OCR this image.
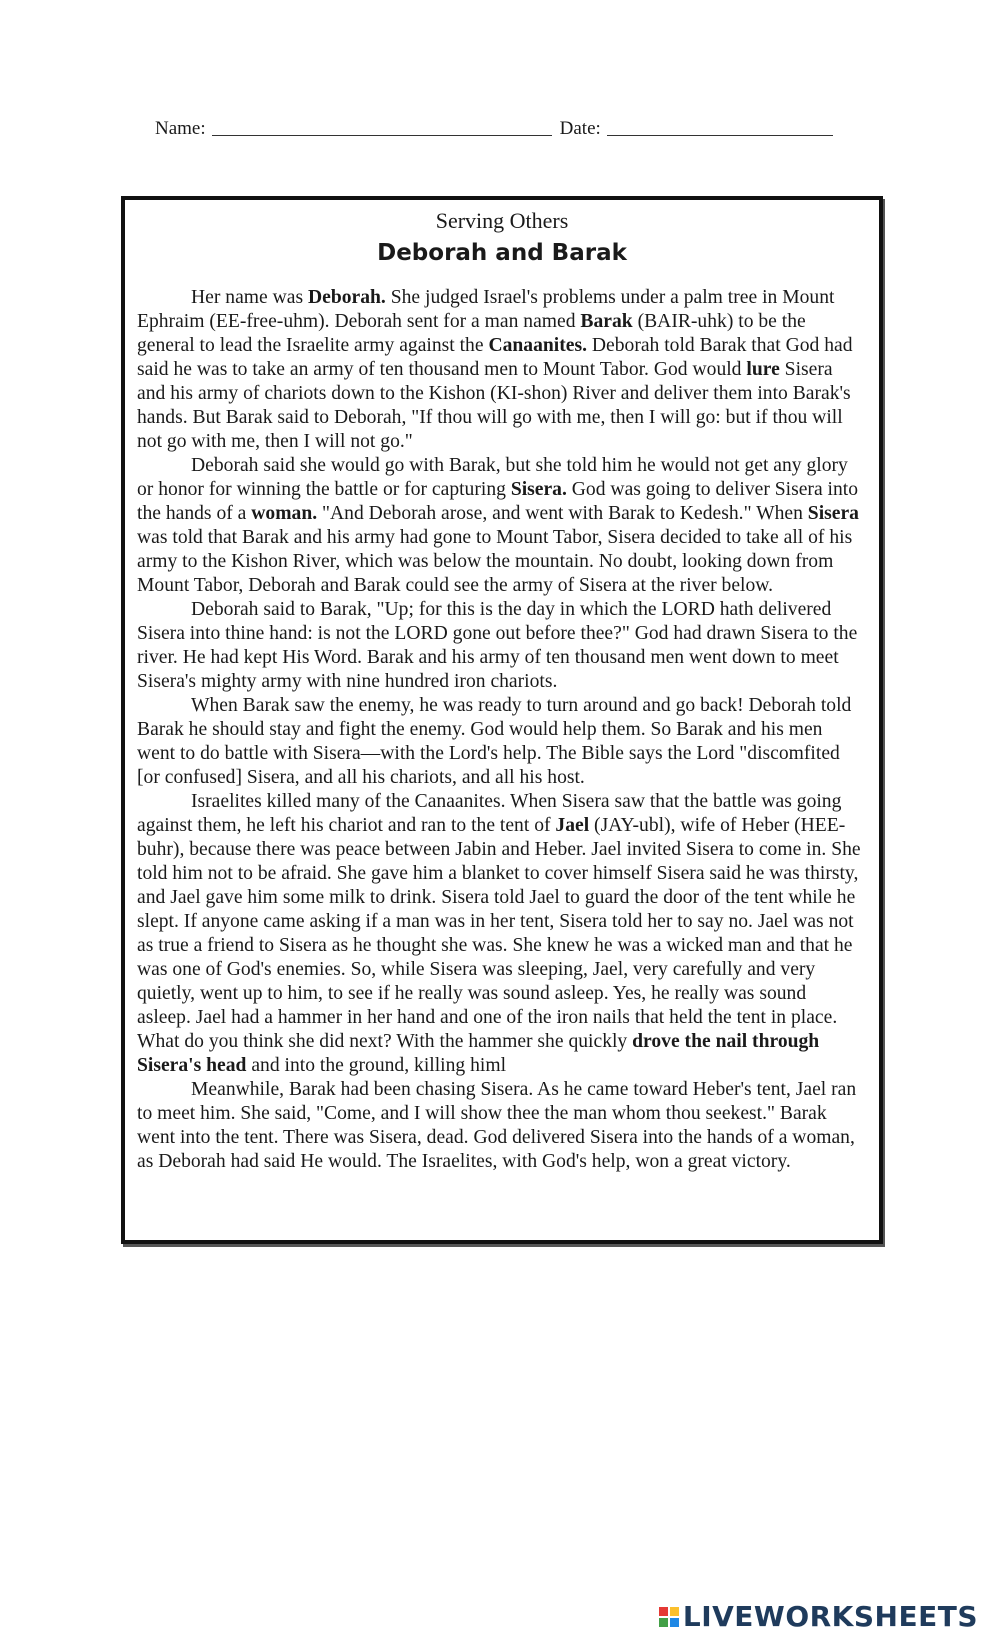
Name:	Date:
Serving Others
Deborah and Barak

Her name was Deborah. She judged Israel's problems under a palm tree in Mount Ephraim (EE-free-uhm). Deborah sent for a man named Barak (BAIR-uhk) to be the general to lead the Israelite army against the Canaanites. Deborah told Barak that God had said he was to take an army of ten thousand men to Mount Tabor. God would lure Sisera and his army of chariots down to the Kishon (KI-shon) River and deliver them into Barak's hands. But Barak said to Deborah, "If thou will go with me, then I will go: but if thou will not go with me, then I will not go."

Deborah said she would go with Barak, but she told him he would not get any glory or honor for winning the battle or for capturing Sisera. God was going to deliver Sisera into the hands of a woman. "And Deborah arose, and went with Barak to Kedesh." When Sisera was told that Barak and his army had gone to Mount Tabor, Sisera decided to take all of his army to the Kishon River, which was below the mountain. No doubt, looking down from Mount Tabor, Deborah and Barak could see the army of Sisera at the river below.

Deborah said to Barak, "Up; for this is the day in which the LORD hath delivered Sisera into thine hand: is not the LORD gone out before thee?" God had drawn Sisera to the river. He had kept His Word. Barak and his army of ten thousand men went down to meet Sisera's mighty army with nine hundred iron chariots.

When Barak saw the enemy, he was ready to turn around and go back! Deborah told Barak he should stay and fight the enemy. God would help them. So Barak and his men went to do battle with Sisera—with the Lord's help. The Bible says the Lord "discomfited [or confused] Sisera, and all his chariots, and all his host.

Israelites killed many of the Canaanites. When Sisera saw that the battle was going against them, he left his chariot and ran to the tent of Jael (JAY-ubl), wife of Heber (HEE-buhr), because there was peace between Jabin and Heber. Jael invited Sisera to come in. She told him not to be afraid. She gave him a blanket to cover himself Sisera said he was thirsty, and Jael gave him some milk to drink. Sisera told Jael to guard the door of the tent while he slept. If anyone came asking if a man was in her tent, Sisera told her to say no. Jael was not as true a friend to Sisera as he thought she was. She knew he was a wicked man and that he was one of God's enemies. So, while Sisera was sleeping, Jael, very carefully and very quietly, went up to him, to see if he really was sound asleep. Yes, he really was sound asleep. Jael had a hammer in her hand and one of the iron nails that held the tent in place. What do you think she did next? With the hammer she quickly drove the nail through Sisera's head and into the ground, killing himl

Meanwhile, Barak had been chasing Sisera. As he came toward Heber's tent, Jael ran to meet him. She said, "Come, and I will show thee the man whom thou seekest." Barak went into the tent. There was Sisera, dead. God delivered Sisera into the hands of a woman, as Deborah had said He would. The Israelites, with God's help, won a great victory.

LIVEWORKSHEETS
